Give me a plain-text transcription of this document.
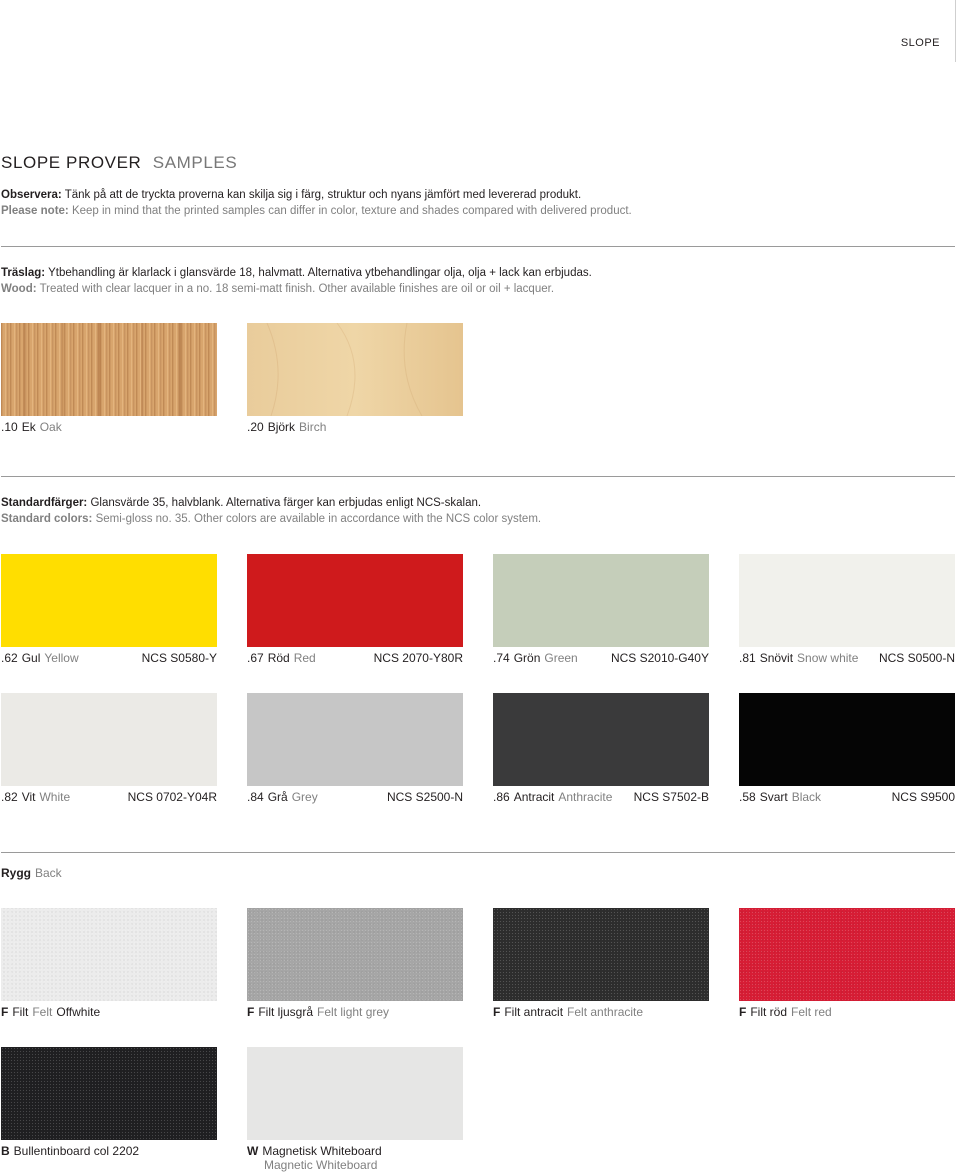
SLOPE
SLOPE PROVER SAMPLES
Observera: Tänk på att de tryckta proverna kan skilja sig i färg, struktur och nyans jämfört med levererad produkt.
Please note: Keep in mind that the printed samples can differ in color, texture and shades compared with delivered product.
Träslag: Ytbehandling är klarlack i glansvärde 18, halvmatt. Alternativa ytbehandlingar olja, olja + lack kan erbjudas.
Wood: Treated with clear lacquer in a no. 18 semi-matt finish. Other available finishes are oil or oil + lacquer.
.10 Ek Oak	.20 Björk Birch
Standardfärger: Glansvärde 35, halvblank. Alternativa färger kan erbjudas enligt NCS-skalan.
Standard colors: Semi-gloss no. 35. Other colors are available in accordance with the NCS color system.
.62 Gul Yellow	NCS S0580-Y	.67 Röd Red	NCS 2070-Y80R	.74 Grön Green	NCS S2010-G40Y	.81 Snövit Snow white NCS S0500-N
.82 Vit White	NCS 0702-Y04R	.84 Grå Grey	NCS S2500-N	.86 Antracit Anthracite NCS S7502-B	.58 Svart Black	NCS S9500
Rygg Back
F Filt Felt Offwhite	F Filt ljusgrå Felt light grey	F Filt antracit Felt anthracite	F Filt röd Felt red
B Bullentinboard col 2202	W Magnetisk Whiteboard
Magnetic Whiteboard
